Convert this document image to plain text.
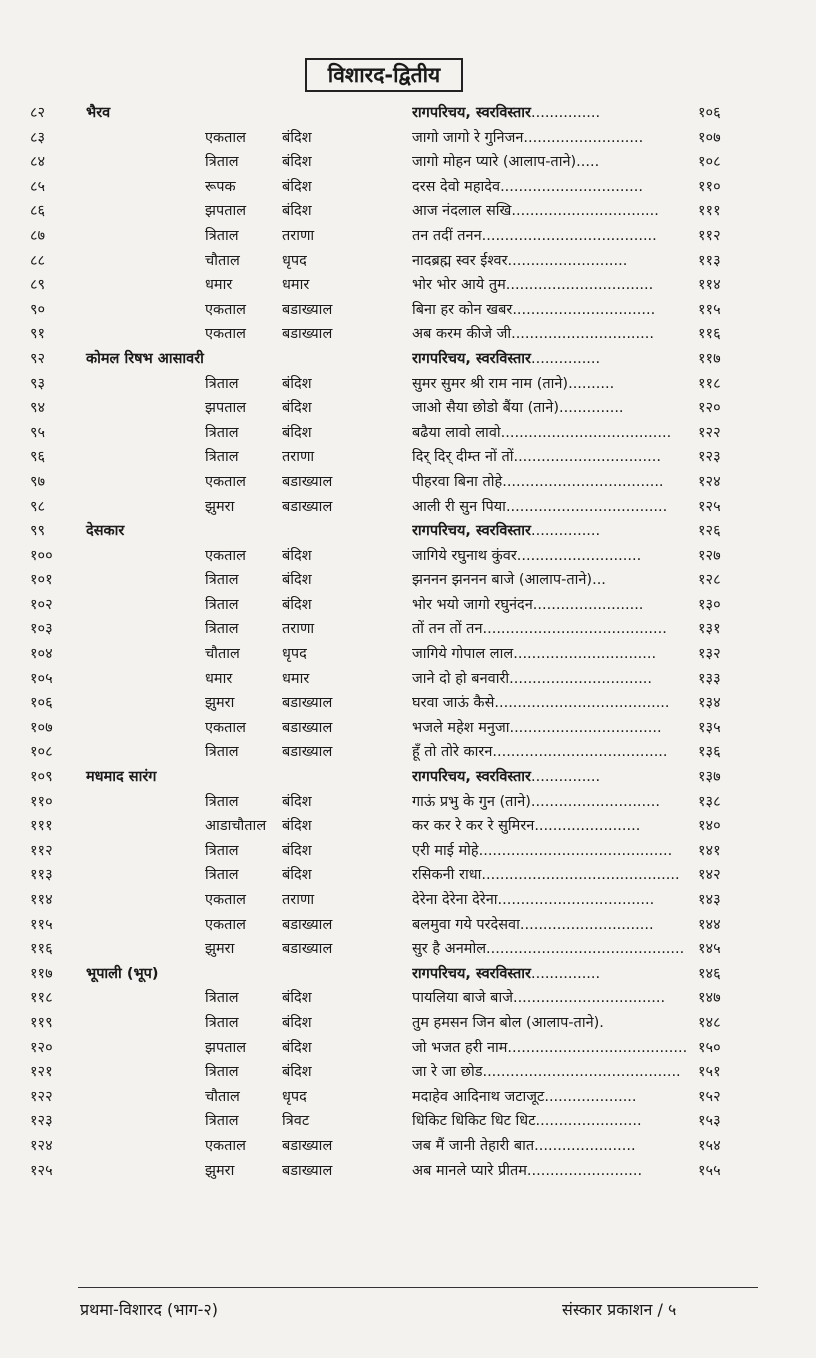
विशारद-द्वितीय
८२	भैरव	रागपरिचय, स्वरविस्तार...............	१०६
८३	एकताल बंदिश	जागो जागो रे गुनिजन..........................	१०७
८४	त्रिताल	बंदिश	जागो मोहन प्यारे (आलाप-ताने).....	१०८
८५	रूपक	बंदिश	दरस देवो महादेव...............................	११०
८६	झपताल बंदिश	आज नंदलाल सखि................................	१११
८७	त्रिताल	तराणा	तन तदीं तनन......................................	११२
८८	चौताल	धृपद	नादब्रह्म स्वर ईश्वर..........................	११३
८९	धमार	धमार	भोर भोर आये तुम................................	११४
९०	एकताल बडाख्याल	बिना हर कोन खबर...............................	११५
९१	एकताल बडाख्याल	अब करम कीजे जी...............................	११६
९२	कोमल रिषभ आसावरी	रागपरिचय, स्वरविस्तार...............	११७
९३	त्रिताल	बंदिश	सुमर सुमर श्री राम नाम (ताने)..........	११८
९४	झपताल बंदिश	जाओ सैया छोडो बैंया (ताने)..............	१२०
९५	त्रिताल	बंदिश	बढैया लावो लावो.....................................	१२२
९६	त्रिताल	तराणा	दिर् दिर् दीम्त नों तों................................	१२३
९७	एकताल बडाख्याल	पीहरवा बिना तोहे...................................	१२४
९८	झुमरा	बडाख्याल	आली री सुन पिया...................................	१२५
९९	देसकार	रागपरिचय, स्वरविस्तार...............	१२६
१००	एकताल बंदिश	जागिये रघुनाथ कुंवर...........................	१२७
१०१	त्रिताल	बंदिश	झननन झननन बाजे (आलाप-ताने)...	१२८
१०२	त्रिताल	बंदिश	भोर भयो जागो रघुनंदन........................	१३०
१०३	त्रिताल	तराणा	तों तन तों तन........................................	१३१
१०४	चौताल	धृपद	जागिये गोपाल लाल...............................	१३२
१०५	धमार	धमार	जाने दो हो बनवारी...............................	१३३
१०६	झुमरा	बडाख्याल	घरवा जाऊं कैसे......................................	१३४
१०७	एकताल बडाख्याल	भजले महेश मनुजा.................................	१३५
१०८	त्रिताल	बडाख्याल	हूँ तो तोरे कारन......................................	१३६
१०९ मधमाद सारंग	रागपरिचय, स्वरविस्तार...............	१३७
११०	त्रिताल	बंदिश	गाऊं प्रभु के गुन (ताने)............................	१३८
१११	आडाचौताल बंदिश	कर कर रे कर रे सुमिरन.......................	१४०
११२	त्रिताल	बंदिश	एरी माई मोहे..........................................	१४१
११३	त्रिताल	बंदिश	रसिकनी राधा...........................................	१४२
११४	एकताल तराणा	देरेना देरेना देरेना..................................	१४३
११५	एकताल बडाख्याल	बलमुवा गये परदेसवा.............................	१४४
११६	झुमरा	बडाख्याल	सुर है अनमोल........................................... १४५
११७ भूपाली (भूप)	रागपरिचय, स्वरविस्तार...............	१४६
११८	त्रिताल	बंदिश	पायलिया बाजे बाजे.................................	१४७
११९	त्रिताल	बंदिश	तुम हमसन जिन बोल (आलाप-ताने).	१४८
१२०	झपताल बंदिश	जो भजत हरी नाम....................................... १५०
१२१	त्रिताल	बंदिश	जा रे जा छोड...........................................	१५१
१२२	चौताल	धृपद	मदाहेव आदिनाथ जटाजूट....................	१५२
१२३	त्रिताल	त्रिवट	धिकिट धिकिट धिट धिट.......................	१५३
१२४	एकताल बडाख्याल	जब मैं जानी तेहारी बात......................	१५४
१२५	झुमरा	बडाख्याल	अब मानले प्यारे प्रीतम.........................	१५५
प्रथमा-विशारद (भाग-२)	संस्कार प्रकाशन / ५
